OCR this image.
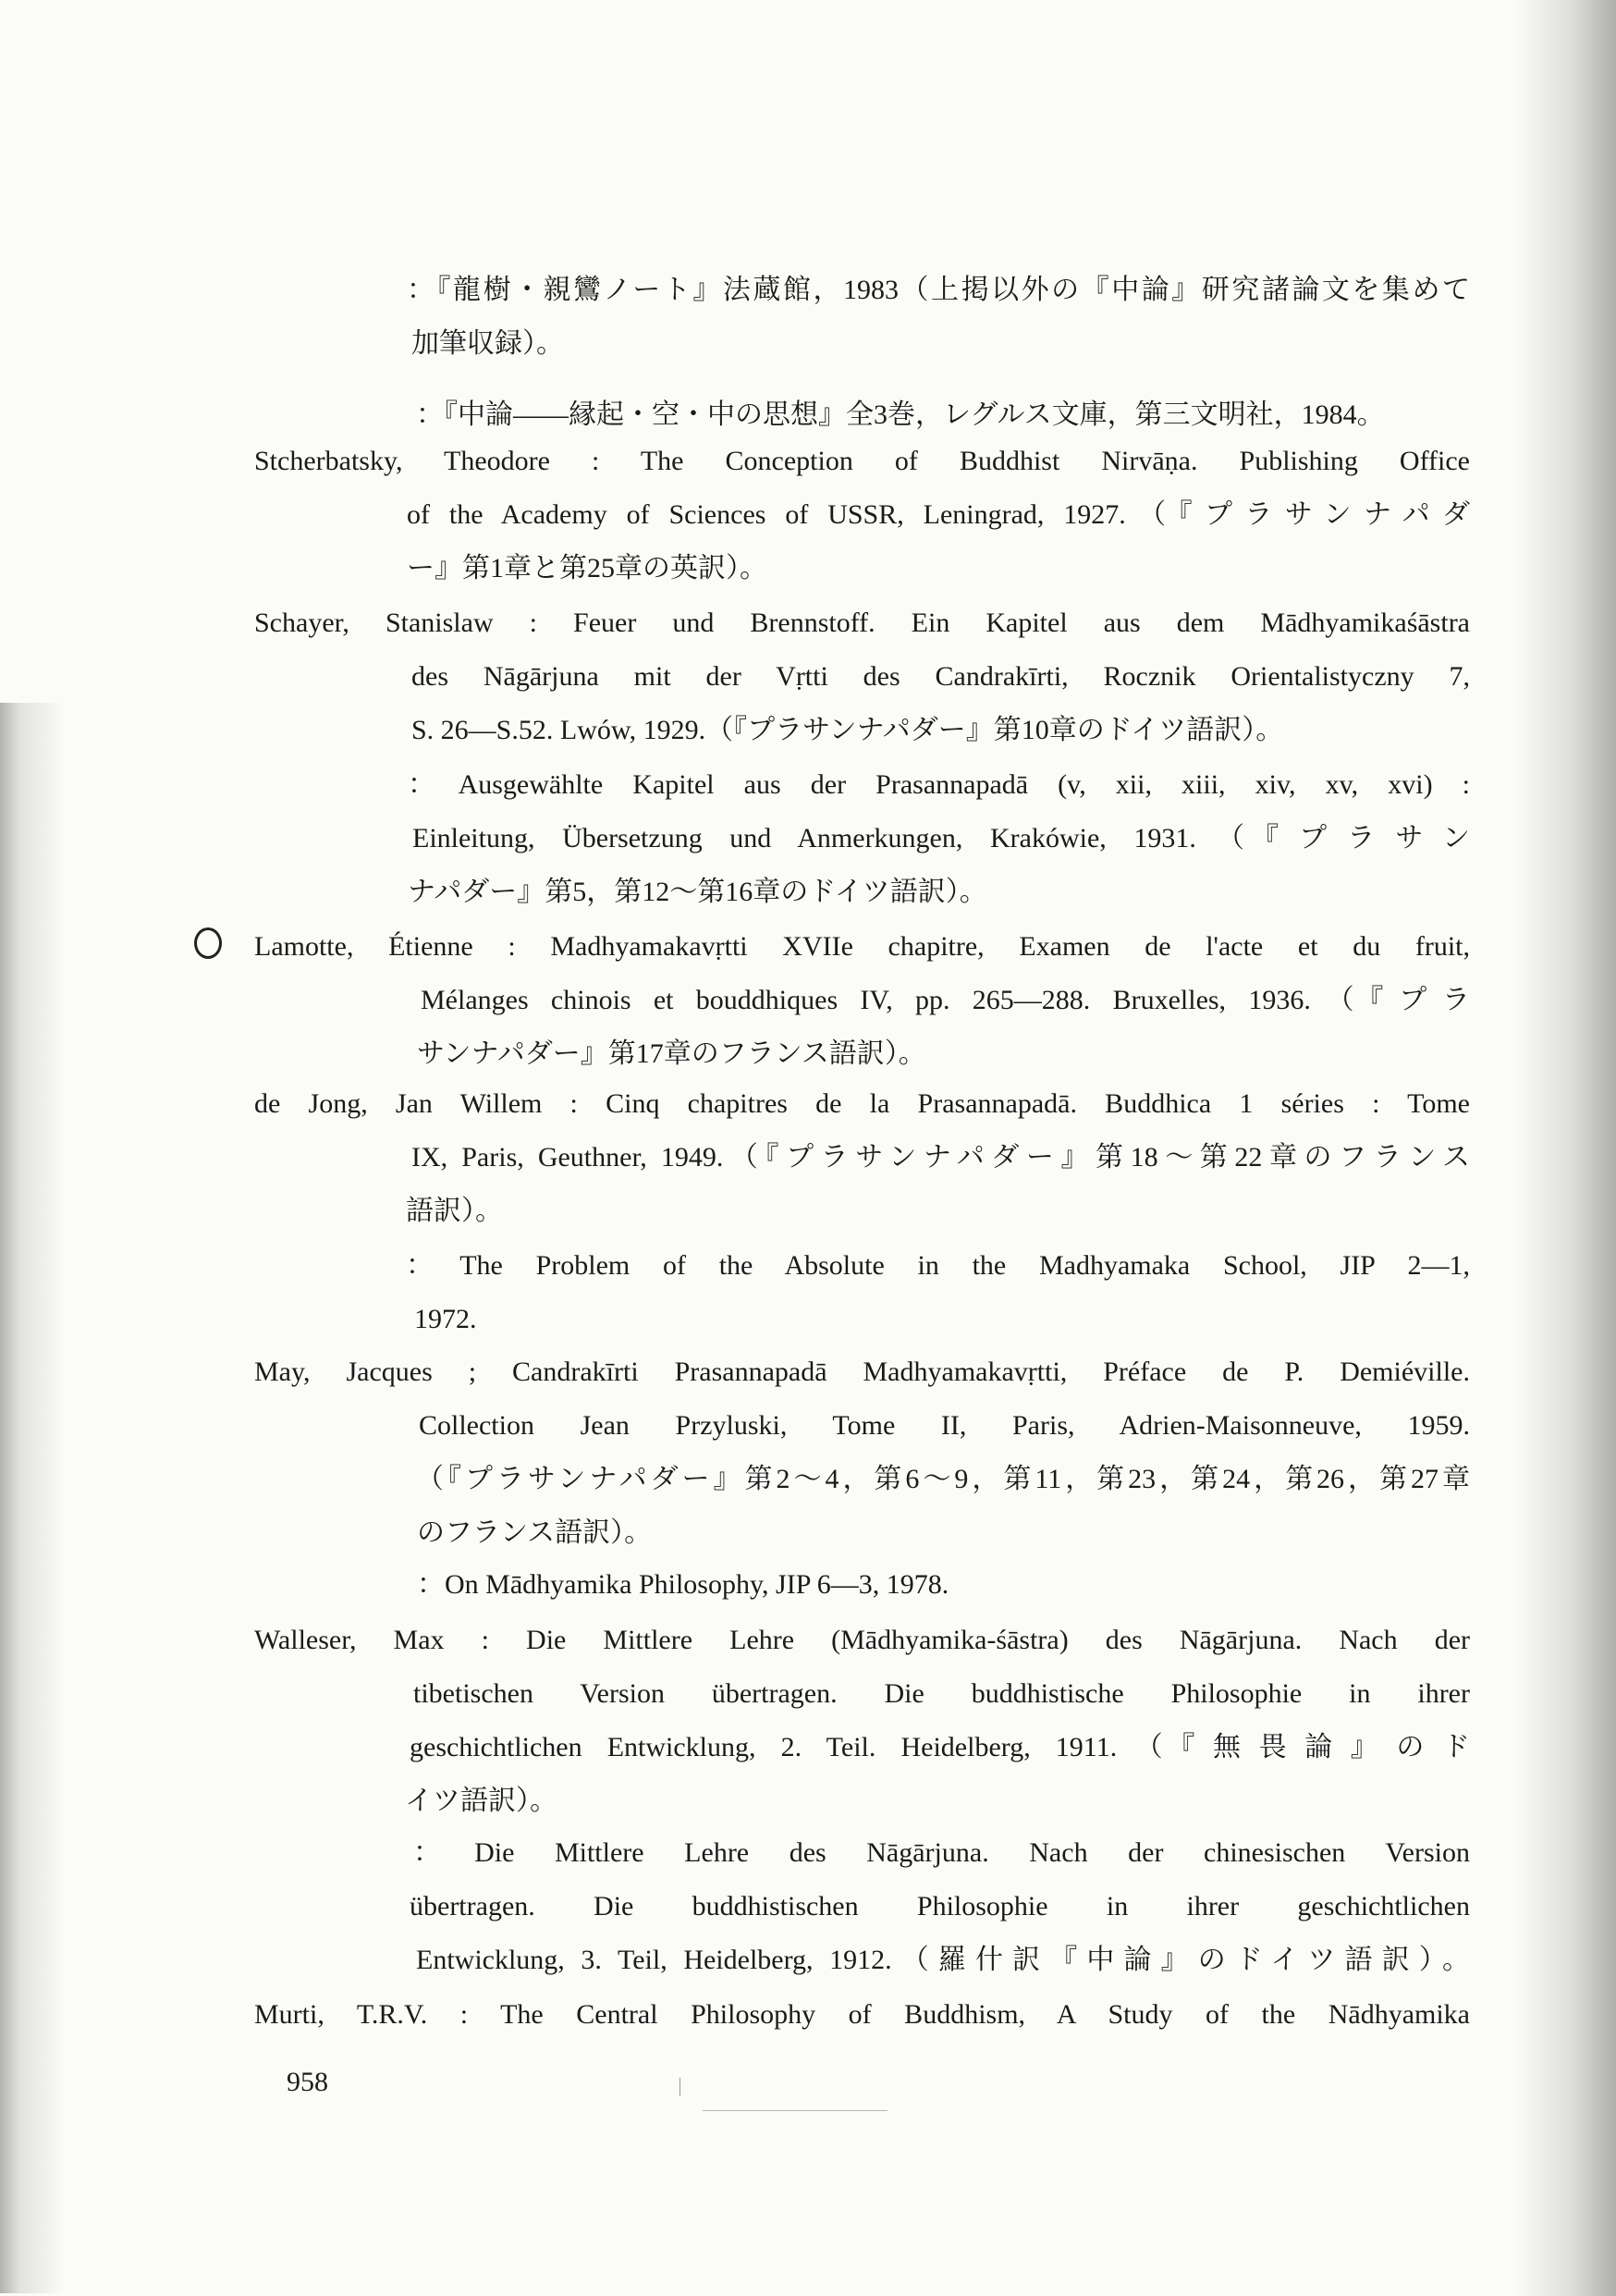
：『龍樹・親鸞ノート』法蔵館，1983（上掲以外の『中論』研究諸論文を集めて
加筆収録）。
：『中論——縁起・空・中の思想』全3巻，レグルス文庫，第三文明社，1984。
Stcherbatsky, Theodore : The Conception of Buddhist Nirvāṇa. Publishing Office
of the Academy of Sciences of USSR, Leningrad, 1927.（『プラサンナパダ
ー』第1章と第25章の英訳）。
Schayer, Stanislaw : Feuer und Brennstoff. Ein Kapitel aus dem Mādhyamikaśāstra
des Nāgārjuna mit der Vṛtti des Candrakīrti, Rocznik Orientalistyczny 7,
S. 26—S.52. Lwów, 1929.（『プラサンナパダー』第10章のドイツ語訳）。
：Ausgewählte Kapitel aus der Prasannapadā (v, xii, xiii, xiv, xv, xvi) :
Einleitung, Übersetzung und Anmerkungen, Krakówie, 1931.（『プラサン
ナパダー』第5，第12〜第16章のドイツ語訳）。
Lamotte, Étienne : Madhyamakavṛtti XVIIe chapitre, Examen de l'acte et du fruit,
Mélanges chinois et bouddhiques IV, pp. 265—288. Bruxelles, 1936.（『プラ
サンナパダー』第17章のフランス語訳）。
de Jong, Jan Willem : Cinq chapitres de la Prasannapadā. Buddhica 1 séries : Tome
IX, Paris, Geuthner, 1949.（『プラサンナパダー』第18〜第22章のフランス
語訳）。
：The Problem of the Absolute in the Madhyamaka School, JIP 2—1,
1972.
May, Jacques ; Candrakīrti Prasannapadā Madhyamakavṛtti, Préface de P. Demiéville.
Collection Jean Przyluski, Tome II, Paris, Adrien-Maisonneuve, 1959.
（『プラサンナパダー』第2〜4，第6〜9，第11，第23，第24，第26，第27章
のフランス語訳）。
：On Mādhyamika Philosophy, JIP 6—3, 1978.
Walleser, Max : Die Mittlere Lehre (Mādhyamika-śāstra) des Nāgārjuna. Nach der
tibetischen Version übertragen. Die buddhistische Philosophie in ihrer
geschichtlichen Entwicklung, 2. Teil. Heidelberg, 1911.（『無畏論』のド
イツ語訳）。
：Die Mittlere Lehre des Nāgārjuna. Nach der chinesischen Version
übertragen. Die buddhistischen Philosophie in ihrer geschichtlichen
Entwicklung, 3. Teil, Heidelberg, 1912.（羅什訳『中論』のドイツ語訳）。
Murti, T.R.V. : The Central Philosophy of Buddhism, A Study of the Nādhyamika
958
